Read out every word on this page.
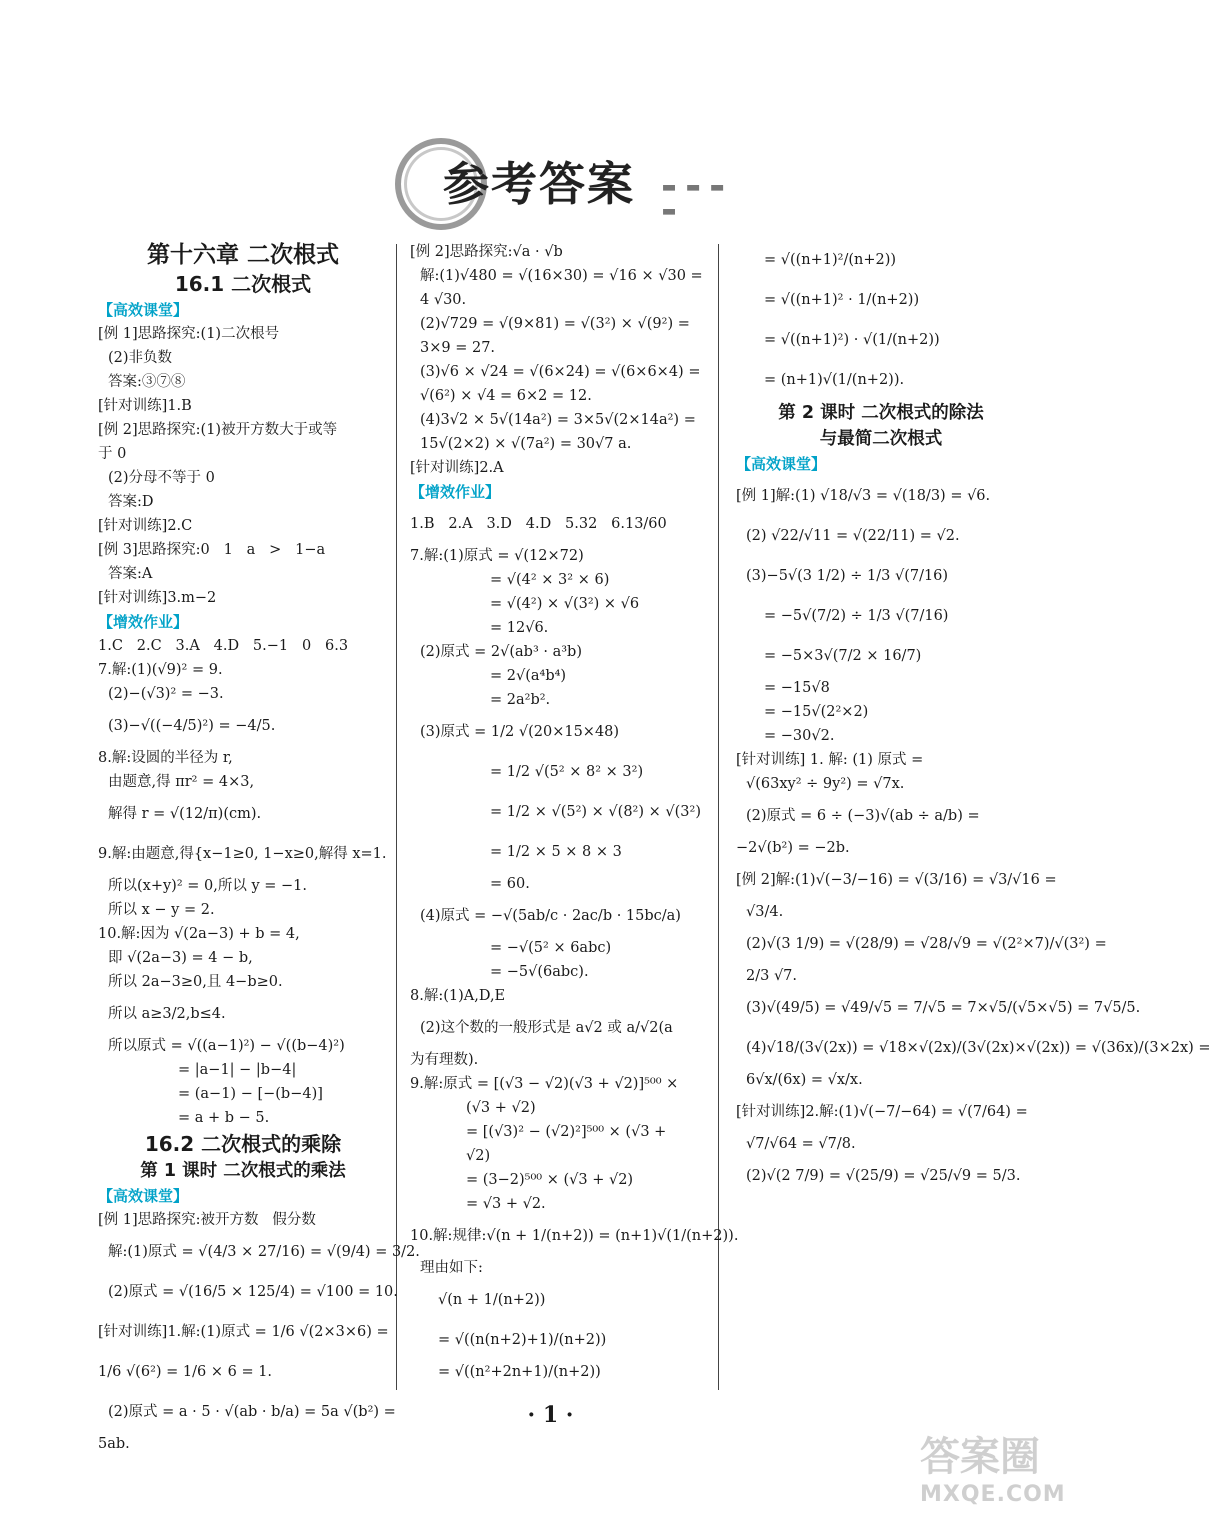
参考答案 ▬ ▬ ▬ ▬
第十六章 二次根式
16.1 二次根式
【高效课堂】
[例 1]思路探究:(1)二次根号
(2)非负数
答案:③⑦⑧
[针对训练]1.B
[例 2]思路探究:(1)被开方数大于或等
于 0
(2)分母不等于 0
答案:D
[针对训练]2.C
[例 3]思路探究:0   1   a   >   1−a
答案:A
[针对训练]3.m−2
【增效作业】
1.C   2.C   3.A   4.D   5.−1   0   6.3
7.解:(1)(√9)² = 9.
(2)−(√3)² = −3.
(3)−√((−4/5)²) = −4/5.
8.解:设圆的半径为 r,
由题意,得 πr² = 4×3,
解得 r = √(12/π)(cm).
9.解:由题意,得{x−1≥0, 1−x≥0,解得 x=1.
所以(x+y)² = 0,所以 y = −1.
所以 x − y = 2.
10.解:因为 √(2a−3) + b = 4,
即 √(2a−3) = 4 − b,
所以 2a−3≥0,且 4−b≥0.
所以 a≥3/2,b≤4.
所以原式 = √((a−1)²) − √((b−4)²)
= |a−1| − |b−4|
= (a−1) − [−(b−4)]
= a + b − 5.
16.2 二次根式的乘除
第 1 课时 二次根式的乘法
【高效课堂】
[例 1]思路探究:被开方数   假分数
解:(1)原式 = √(4/3 × 27/16) = √(9/4) = 3/2.
(2)原式 = √(16/5 × 125/4) = √100 = 10.
[针对训练]1.解:(1)原式 = 1/6 √(2×3×6) =
1/6 √(6²) = 1/6 × 6 = 1.
(2)原式 = a · 5 · √(ab · b/a) = 5a √(b²) =
5ab.
[例 2]思路探究:√a · √b
解:(1)√480 = √(16×30) = √16 × √30 =
4 √30.
(2)√729 = √(9×81) = √(3²) × √(9²) =
3×9 = 27.
(3)√6 × √24 = √(6×24) = √(6×6×4) =
√(6²) × √4 = 6×2 = 12.
(4)3√2 × 5√(14a²) = 3×5√(2×14a²) =
15√(2×2) × √(7a²) = 30√7 a.
[针对训练]2.A
【增效作业】
1.B   2.A   3.D   4.D   5.32   6.13/60
7.解:(1)原式 = √(12×72)
= √(4² × 3² × 6)
= √(4²) × √(3²) × √6
= 12√6.
(2)原式 = 2√(ab³ · a³b)
= 2√(a⁴b⁴)
= 2a²b².
(3)原式 = 1/2 √(20×15×48)
= 1/2 √(5² × 8² × 3²)
= 1/2 × √(5²) × √(8²) × √(3²)
= 1/2 × 5 × 8 × 3
= 60.
(4)原式 = −√(5ab/c · 2ac/b · 15bc/a)
= −√(5² × 6abc)
= −5√(6abc).
8.解:(1)A,D,E
(2)这个数的一般形式是 a√2 或 a/√2(a
为有理数).
9.解:原式 = [(√3 − √2)(√3 + √2)]⁵⁰⁰ ×
(√3 + √2)
= [(√3)² − (√2)²]⁵⁰⁰ × (√3 +
√2)
= (3−2)⁵⁰⁰ × (√3 + √2)
= √3 + √2.
10.解:规律:√(n + 1/(n+2)) = (n+1)√(1/(n+2)).
理由如下:
√(n + 1/(n+2))
= √((n(n+2)+1)/(n+2))
= √((n²+2n+1)/(n+2))
= √((n+1)²/(n+2))
= √((n+1)² · 1/(n+2))
= √((n+1)²) · √(1/(n+2))
= (n+1)√(1/(n+2)).
第 2 课时 二次根式的除法
与最简二次根式
【高效课堂】
[例 1]解:(1) √18/√3 = √(18/3) = √6.
(2) √22/√11 = √(22/11) = √2.
(3)−5√(3 1/2) ÷ 1/3 √(7/16)
= −5√(7/2) ÷ 1/3 √(7/16)
= −5×3√(7/2 × 16/7)
= −15√8
= −15√(2²×2)
= −30√2.
[针对训练] 1. 解: (1) 原式 =
√(63xy² ÷ 9y²) = √7x.
(2)原式 = 6 ÷ (−3)√(ab ÷ a/b) =
−2√(b²) = −2b.
[例 2]解:(1)√(−3/−16) = √(3/16) = √3/√16 =
√3/4.
(2)√(3 1/9) = √(28/9) = √28/√9 = √(2²×7)/√(3²) =
2/3 √7.
(3)√(49/5) = √49/√5 = 7/√5 = 7×√5/(√5×√5) = 7√5/5.
(4)√18/(3√(2x)) = √18×√(2x)/(3√(2x)×√(2x)) = √(36x)/(3×2x) =
6√x/(6x) = √x/x.
[针对训练]2.解:(1)√(−7/−64) = √(7/64) =
√7/√64 = √7/8.
(2)√(2 7/9) = √(25/9) = √25/√9 = 5/3.
· 1 ·
答案圈
MXQE.COM
